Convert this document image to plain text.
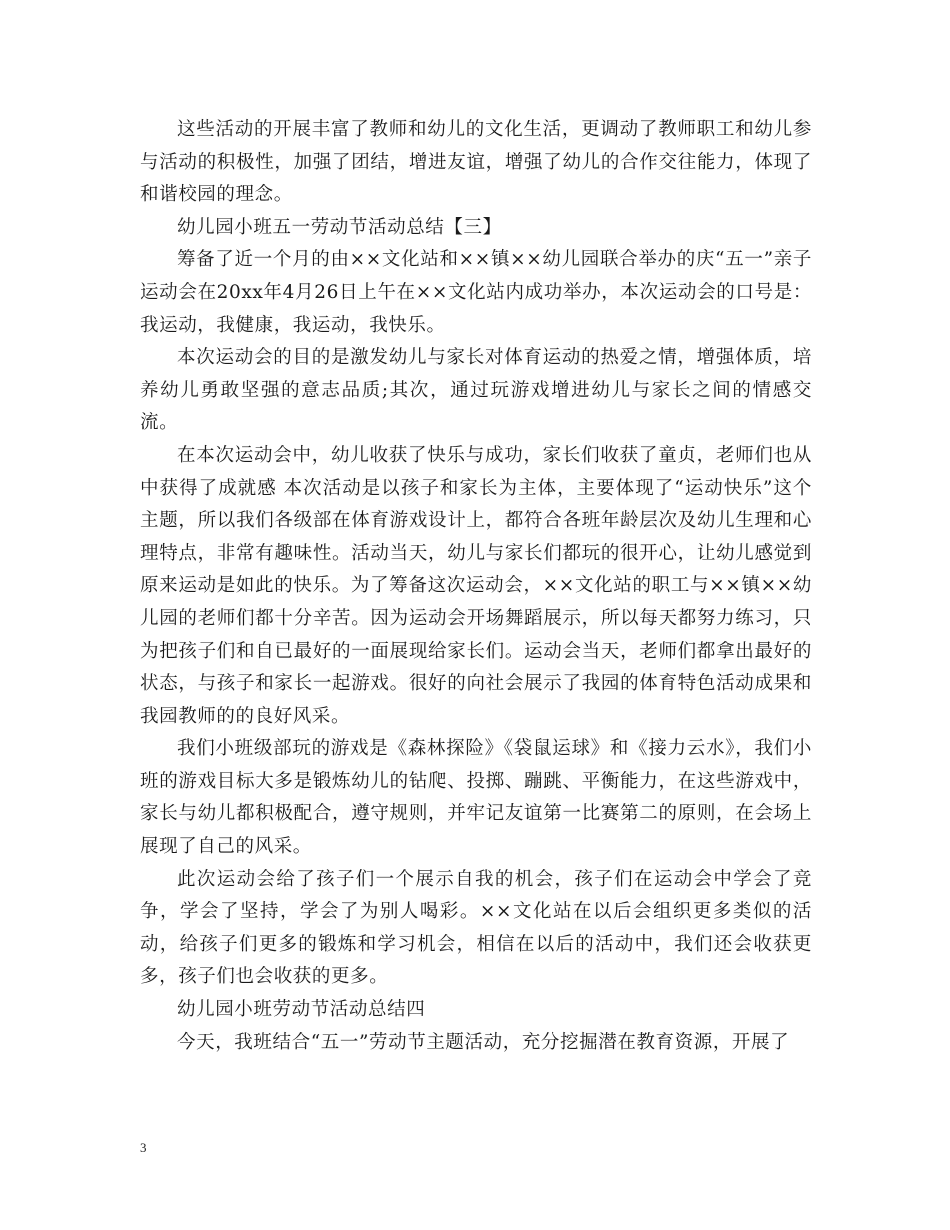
这些活动的开展丰富了教师和幼儿的文化生活，更调动了教师职工和幼儿参与活动的积极性，加强了团结，增进友谊，增强了幼儿的合作交往能力，体现了和谐校园的理念。

幼儿园小班五一劳动节活动总结【三】

筹备了近一个月的由××文化站和××镇××幼儿园联合举办的庆“五一”亲子运动会在20xx年4月26日上午在××文化站内成功举办，本次运动会的口号是：我运动，我健康，我运动，我快乐。

本次运动会的目的是激发幼儿与家长对体育运动的热爱之情，增强体质，培养幼儿勇敢坚强的意志品质;其次，通过玩游戏增进幼儿与家长之间的情感交流。

在本次运动会中，幼儿收获了快乐与成功，家长们收获了童贞，老师们也从中获得了成就感 本次活动是以孩子和家长为主体，主要体现了“运动快乐”这个主题，所以我们各级部在体育游戏设计上，都符合各班年龄层次及幼儿生理和心理特点，非常有趣味性。活动当天，幼儿与家长们都玩的很开心，让幼儿感觉到原来运动是如此的快乐。为了筹备这次运动会，××文化站的职工与××镇××幼儿园的老师们都十分辛苦。因为运动会开场舞蹈展示，所以每天都努力练习，只为把孩子们和自已最好的一面展现给家长们。运动会当天，老师们都拿出最好的状态，与孩子和家长一起游戏。很好的向社会展示了我园的体育特色活动成果和我园教师的的良好风采。

我们小班级部玩的游戏是《森林探险》《袋鼠运球》和《接力云水》，我们小班的游戏目标大多是锻炼幼儿的钻爬、投掷、蹦跳、平衡能力，在这些游戏中，家长与幼儿都积极配合，遵守规则，并牢记友谊第一比赛第二的原则，在会场上展现了自己的风采。

此次运动会给了孩子们一个展示自我的机会，孩子们在运动会中学会了竞争，学会了坚持，学会了为别人喝彩。××文化站在以后会组织更多类似的活动，给孩子们更多的锻炼和学习机会，相信在以后的活动中，我们还会收获更多，孩子们也会收获的更多。

幼儿园小班劳动节活动总结四

今天，我班结合“五一”劳动节主题活动，充分挖掘潜在教育资源，开展了

3
